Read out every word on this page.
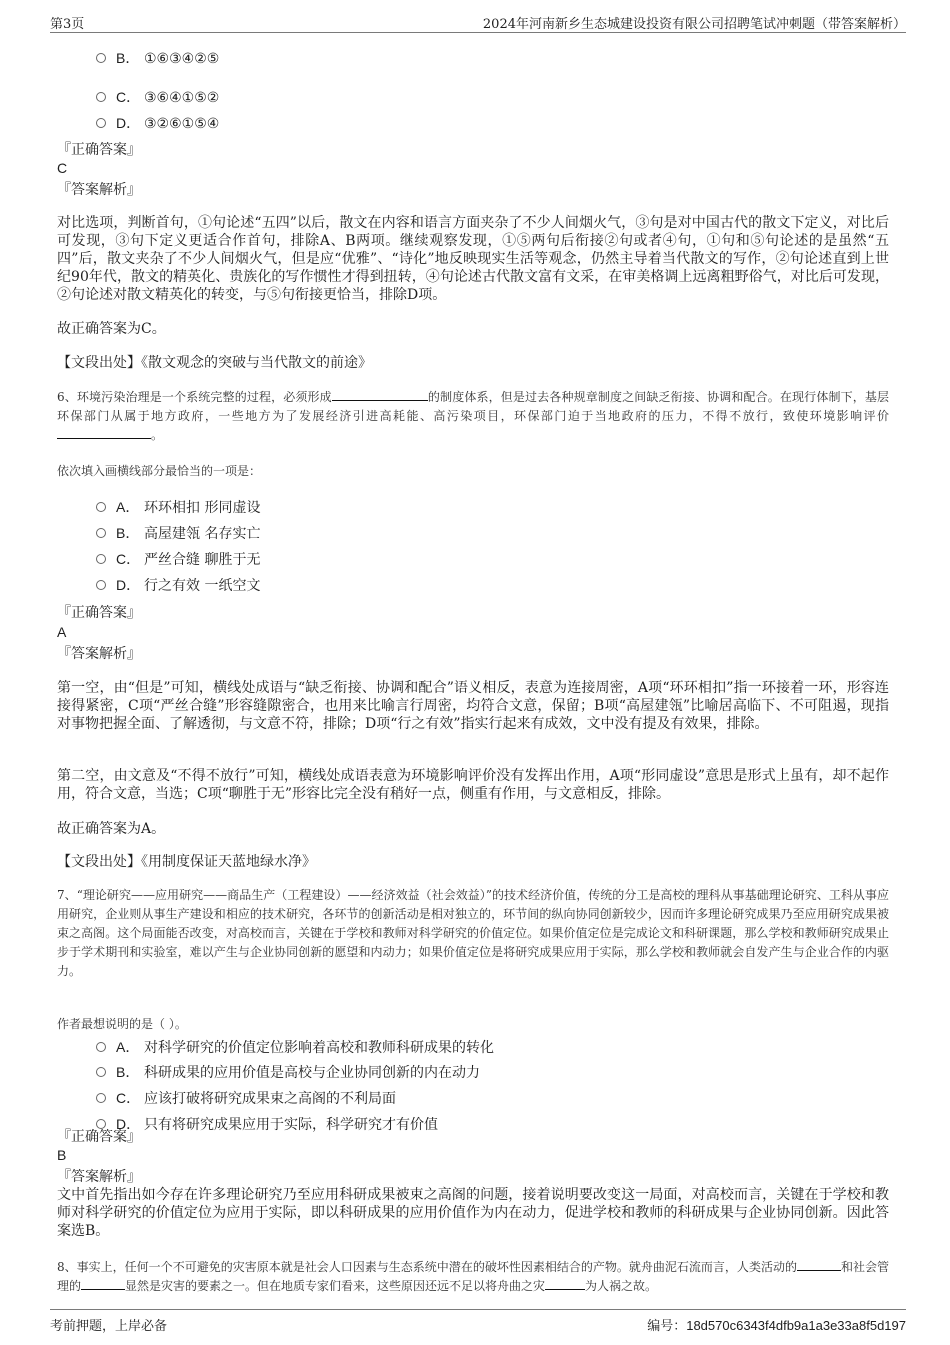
第3页	2024年河南新乡生态城建设投资有限公司招聘笔试冲刺题（带答案解析）
B． ①⑥③④②⑤
C． ③⑥④①⑤②
D． ③②⑥①⑤④
『正确答案』
C
『答案解析』

对比选项，判断首句，①句论述“五四”以后，散文在内容和语言方面夹杂了不少人间烟火气，③句是对中国古代的散文下定义，对比后可发现，③句下定义更适合作首句，排除A、B两项。继续观察发现，①⑤两句后衔接②句或者④句，①句和⑤句论述的是虽然“五四”后，散文夹杂了不少人间烟火气，但是应“优雅”、“诗化”地反映现实生活等观念，仍然主导着当代散文的写作，②句论述直到上世纪90年代，散文的精英化、贵族化的写作惯性才得到扭转，④句论述古代散文富有文采，在审美格调上远离粗野俗气，对比后可发现，②句论述对散文精英化的转变，与⑤句衔接更恰当，排除D项。

故正确答案为C。

【文段出处】《散文观念的突破与当代散文的前途》

6、环境污染治理是一个系统完整的过程，必须形成	的制度体系，但是过去各种规章制度之间缺乏衔接、协调和配合。在现行体制下，基层环保部门从属于地方政府，一些地方为了发展经济引进高耗能、高污染项目，环保部门迫于当地政府的压力，不得不放行，致使环境影响评价。

依次填入画横线部分最恰当的一项是：

A． 环环相扣 形同虚设
B． 高屋建瓴 名存实亡
C． 严丝合缝 聊胜于无
D． 行之有效 一纸空文
『正确答案』
A
『答案解析』

第一空，由“但是”可知，横线处成语与“缺乏衔接、协调和配合”语义相反，表意为连接周密，A项“环环相扣”指一环接着一环，形容连接得紧密，C项“严丝合缝”形容缝隙密合，也用来比喻言行周密，均符合文意，保留；B项“高屋建瓴”比喻居高临下、不可阻遏，现指对事物把握全面、了解透彻，与文意不符，排除；D项“行之有效”指实行起来有成效，文中没有提及有效果，排除。

第二空，由文意及“不得不放行”可知，横线处成语表意为环境影响评价没有发挥出作用，A项“形同虚设”意思是形式上虽有，却不起作用，符合文意，当选；C项“聊胜于无”形容比完全没有稍好一点，侧重有作用，与文意相反，排除。

故正确答案为A。

【文段出处】《用制度保证天蓝地绿水净》

7、“理论研究——应用研究——商品生产（工程建设）——经济效益（社会效益）”的技术经济价值，传统的分工是高校的理科从事基础理论研究、工科从事应用研究，企业则从事生产建设和相应的技术研究，各环节的创新活动是相对独立的，环节间的纵向协同创新较少，因而许多理论研究成果乃至应用研究成果被束之高阁。这个局面能否改变，对高校而言，关键在于学校和教师对科学研究的价值定位。如果价值定位是完成论文和科研课题，那么学校和教师研究成果止步于学术期刊和实验室，难以产生与企业协同创新的愿望和内动力；如果价值定位是将研究成果应用于实际，那么学校和教师就会自发产生与企业合作的内驱力。

作者最想说明的是（ ）。

A． 对科学研究的价值定位影响着高校和教师科研成果的转化
B． 科研成果的应用价值是高校与企业协同创新的内在动力
C． 应该打破将研究成果束之高阁的不利局面
D． 只有将研究成果应用于实际，科学研究才有价值
『正确答案』
B
『答案解析』

文中首先指出如今存在许多理论研究乃至应用科研成果被束之高阁的问题，接着说明要改变这一局面，对高校而言，关键在于学校和教师对科学研究的价值定位为应用于实际，即以科研成果的应用价值作为内在动力，促进学校和教师的科研成果与企业协同创新。因此答案选B。

8、事实上，任何一个不可避免的灾害原本就是社会人口因素与生态系统中潜在的破坏性因素相结合的产物。就舟曲泥石流而言，人类活动的	和社会管理的	显然是灾害的要素之一。但在地质专家们看来，这些原因还远不足以将舟曲之灾	为人祸之故。

考前押题，上岸必备	编号：18d570c6343f4dfb9a1a3e33a8f5d197
